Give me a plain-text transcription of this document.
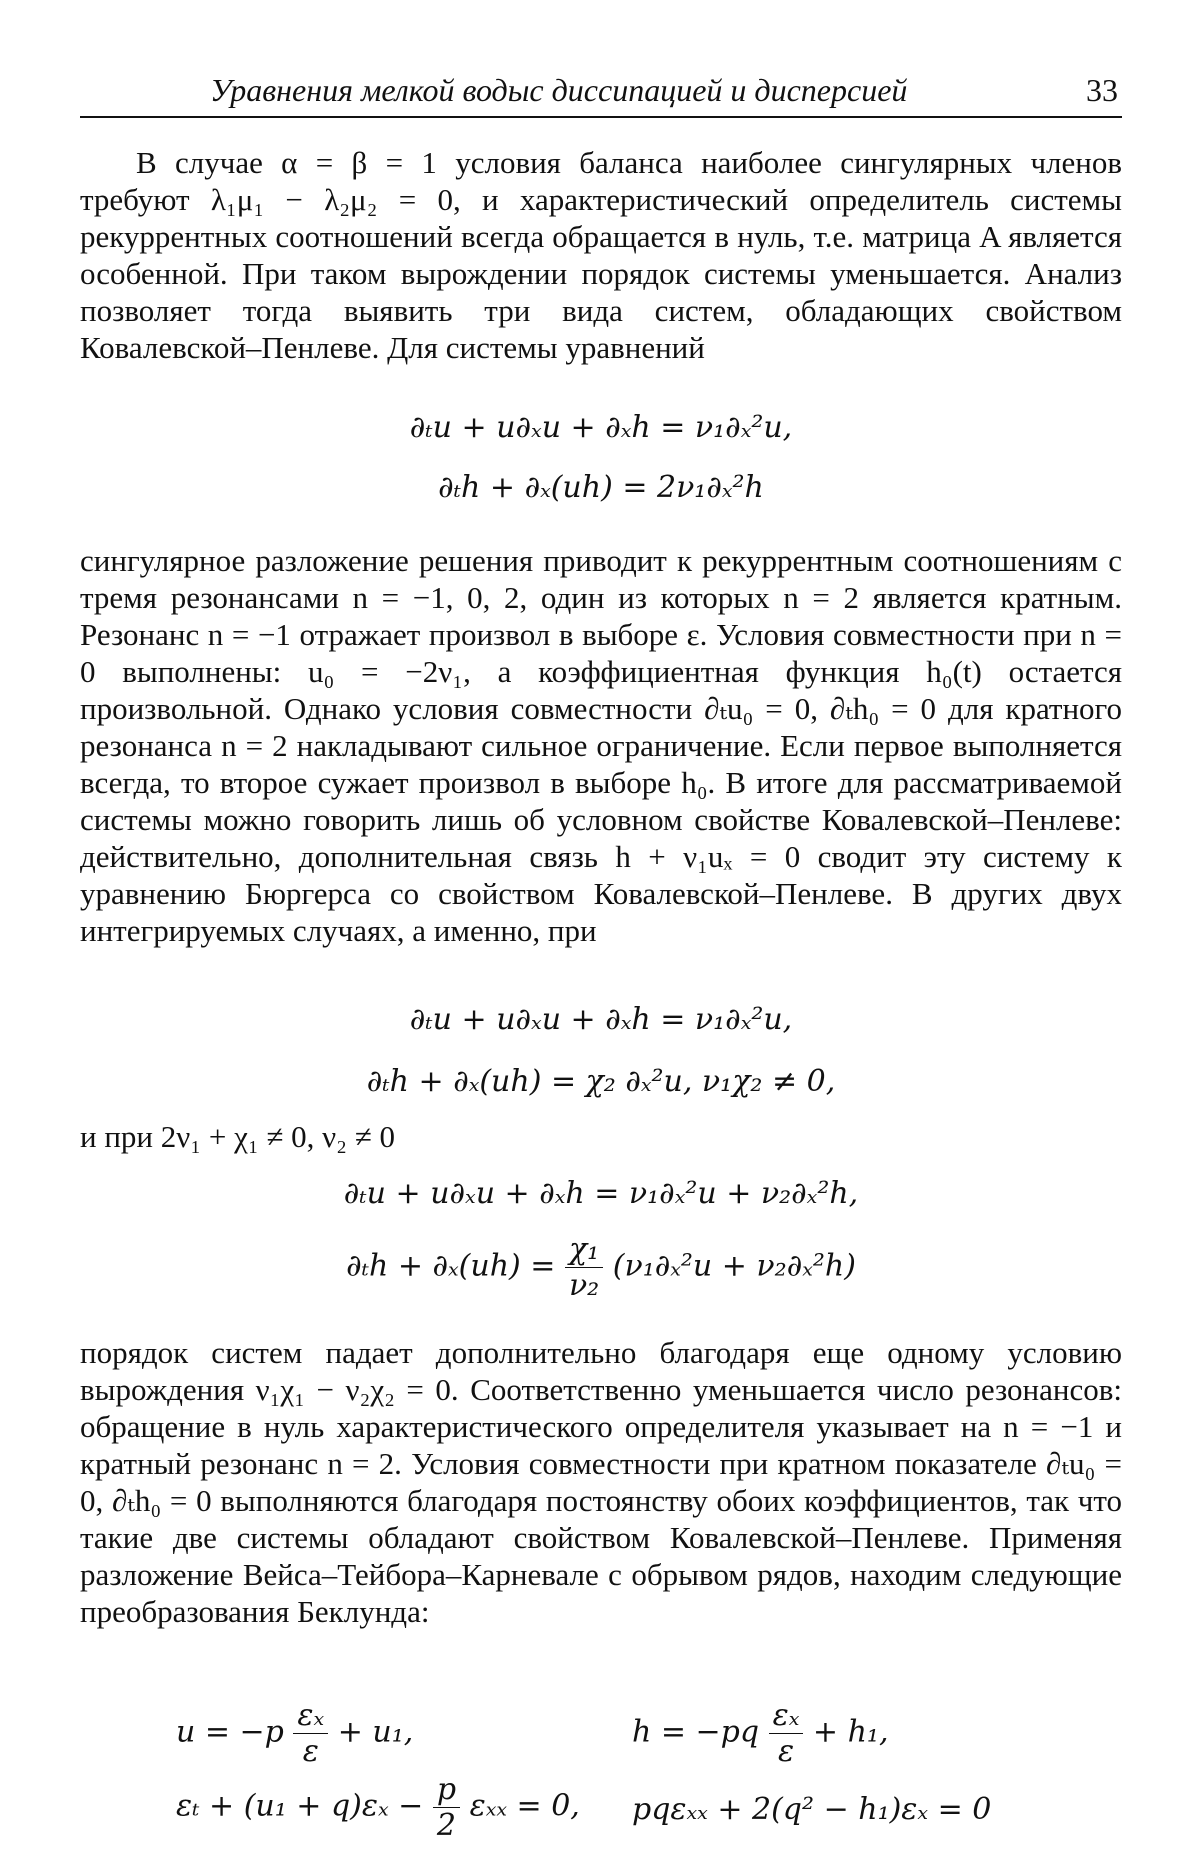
Уравнения мелкой водыс диссипацией и дисперсией	33
В случае α = β = 1 условия баланса наиболее сингулярных членов требуют λ₁μ₁ − λ₂μ₂ = 0, и характеристический определитель системы рекуррентных соотношений всегда обращается в нуль, т.е. матрица A является особенной. При таком вырождении порядок системы уменьшается. Анализ позволяет тогда выявить три вида систем, обладающих свойством Ковалевской–Пенлеве. Для системы уравнений
∂ₜu + u∂ₓu + ∂ₓh = ν₁∂ₓ²u,
∂ₜh + ∂ₓ(uh) = 2ν₁∂ₓ²h
сингулярное разложение решения приводит к рекуррентным соотношениям с тремя резонансами n = −1, 0, 2, один из которых n = 2 является кратным. Резонанс n = −1 отражает произвол в выборе ε. Условия совместности при n = 0 выполнены: u₀ = −2ν₁, а коэффициентная функция h₀(t) остается произвольной. Однако условия совместности ∂ₜu₀ = 0, ∂ₜh₀ = 0 для кратного резонанса n = 2 накладывают сильное ограничение. Если первое выполняется всегда, то второе сужает произвол в выборе h₀. В итоге для рассматриваемой системы можно говорить лишь об условном свойстве Ковалевской–Пенлеве: действительно, дополнительная связь h + ν₁uₓ = 0 сводит эту систему к уравнению Бюргерса со свойством Ковалевской–Пенлеве. В других двух интегрируемых случаях, а именно, при
∂ₜu + u∂ₓu + ∂ₓh = ν₁∂ₓ²u,
∂ₜh + ∂ₓ(uh) = χ₂ ∂ₓ²u, ν₁χ₂ ≠ 0,
и при 2ν₁ + χ₁ ≠ 0, ν₂ ≠ 0
∂ₜu + u∂ₓu + ∂ₓh = ν₁∂ₓ²u + ν₂∂ₓ²h,
$\partial_th + \partial_x(uh) = \frac{\text{χ₁}}{\text{ν₂}} (\nu_1\partial_x^2u + \nu_2\partial_x^2h)$
порядок систем падает дополнительно благодаря еще одному условию вырождения ν₁χ₁ − ν₂χ₂ = 0. Соответственно уменьшается число резонансов: обращение в нуль характеристического определителя указывает на n = −1 и кратный резонанс n = 2. Условия совместности при кратном показателе ∂ₜu₀ = 0, ∂ₜh₀ = 0 выполняются благодаря постоянству обоих коэффициентов, так что такие две системы обладают свойством Ковалевской–Пенлеве. Применяя разложение Вейса–Тейбора–Карневале с обрывом рядов, находим следующие преобразования Беклунда:
$u = -p \frac{\text{εₓ}}{\varepsilon} + u_1$,	$h = -pq \frac{\text{εₓ}}{\varepsilon} + h_1$,
$\varepsilon_t + (u_1 + q)\varepsilon_x - \frac{p}{2}$ εₓₓ = 0, pqεₓₓ + 2(q² − h₁)εₓ = 0
